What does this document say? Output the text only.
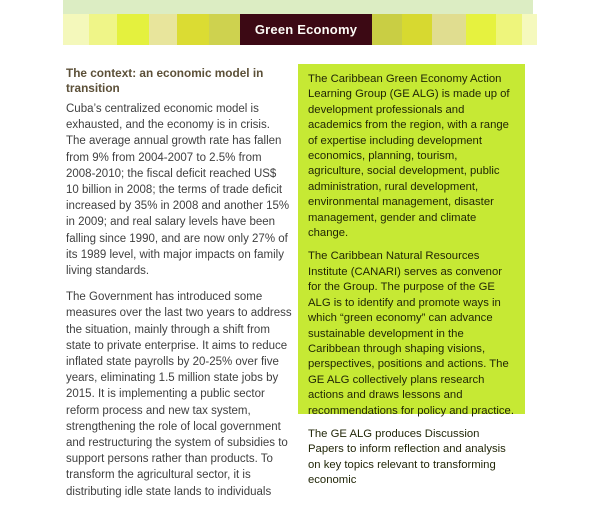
Green Economy
The context: an economic model in transition

Cuba’s centralized economic model is exhausted, and the economy is in crisis. The average annual growth rate has fallen from 9% from 2004-2007 to 2.5% from 2008-2010; the fiscal deficit reached US$ 10 billion in 2008; the terms of trade deficit increased by 35% in 2008 and another 15% in 2009; and real salary levels have been falling since 1990, and are now only 27% of its 1989 level, with major impacts on family living standards.

The Government has introduced some measures over the last two years to address the situation, mainly through a shift from state to private enterprise. It aims to reduce inflated state payrolls by 20-25% over five years, eliminating 1.5 million state jobs by 2015. It is implementing a public sector reform process and new tax system, strengthening the role of local government and restructuring the system of subsidies to support persons rather than products. To transform the agricultural sector, it is distributing idle state lands to individuals

The Caribbean Green Economy Action Learning Group (GE ALG) is made up of development professionals and academics from the region, with a range of expertise including development economics, planning, tourism, agriculture, social development, public administration, rural development, environmental management, disaster management, gender and climate change.

The Caribbean Natural Resources Institute (CANARI) serves as convenor for the Group. The purpose of the GE ALG is to identify and promote ways in which “green economy” can advance sustainable development in the Caribbean through shaping visions, perspectives, positions and actions. The GE ALG collectively plans research actions and draws lessons and recommendations for policy and practice.

The GE ALG produces Discussion Papers to inform reflection and analysis on key topics relevant to transforming economic
